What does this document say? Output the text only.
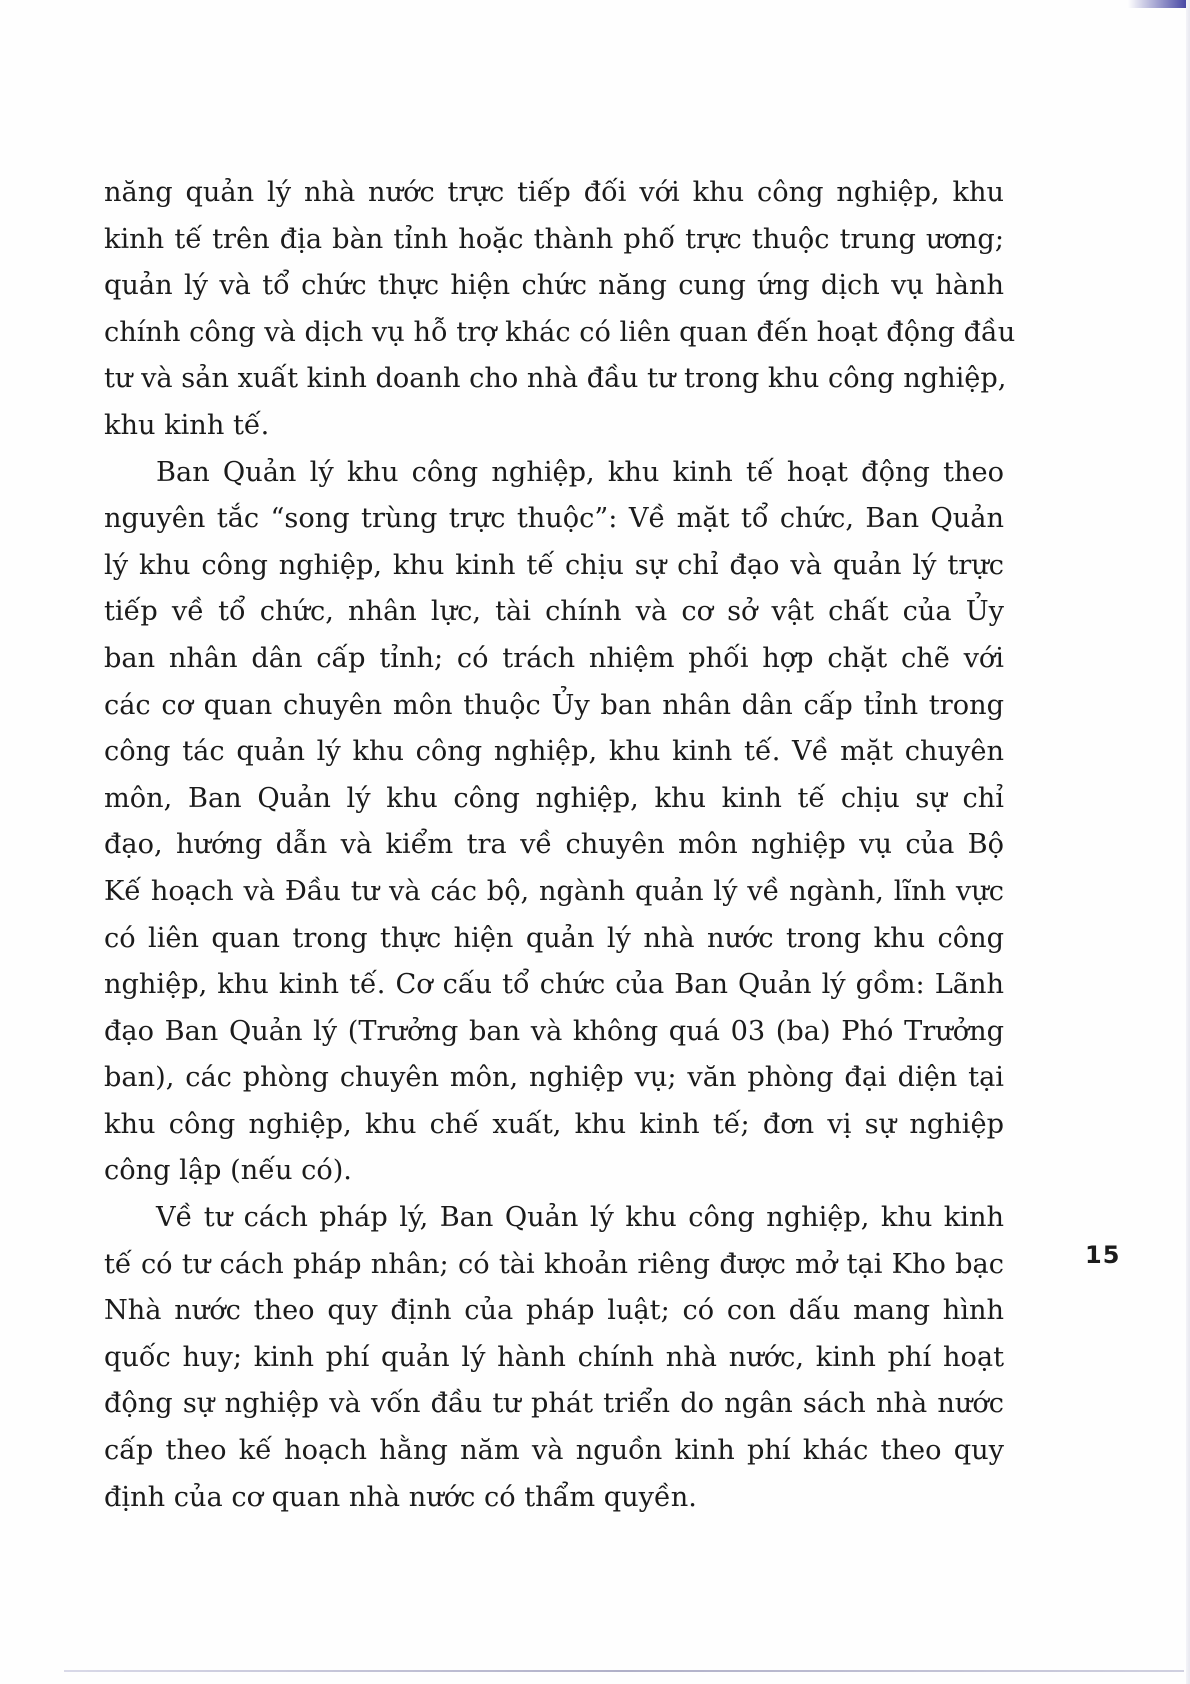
năng quản lý nhà nước trực tiếp đối với khu công nghiệp, khu
kinh tế trên địa bàn tỉnh hoặc thành phố trực thuộc trung ương;
quản lý và tổ chức thực hiện chức năng cung ứng dịch vụ hành
chính công và dịch vụ hỗ trợ khác có liên quan đến hoạt động đầu
tư và sản xuất kinh doanh cho nhà đầu tư trong khu công nghiệp,
khu kinh tế.

Ban Quản lý khu công nghiệp, khu kinh tế hoạt động theo
nguyên tắc “song trùng trực thuộc”: Về mặt tổ chức, Ban Quản
lý khu công nghiệp, khu kinh tế chịu sự chỉ đạo và quản lý trực
tiếp về tổ chức, nhân lực, tài chính và cơ sở vật chất của Ủy
ban nhân dân cấp tỉnh; có trách nhiệm phối hợp chặt chẽ với
các cơ quan chuyên môn thuộc Ủy ban nhân dân cấp tỉnh trong
công tác quản lý khu công nghiệp, khu kinh tế. Về mặt chuyên
môn, Ban Quản lý khu công nghiệp, khu kinh tế chịu sự chỉ
đạo, hướng dẫn và kiểm tra về chuyên môn nghiệp vụ của Bộ
Kế hoạch và Đầu tư và các bộ, ngành quản lý về ngành, lĩnh vực
có liên quan trong thực hiện quản lý nhà nước trong khu công
nghiệp, khu kinh tế. Cơ cấu tổ chức của Ban Quản lý gồm: Lãnh
đạo Ban Quản lý (Trưởng ban và không quá 03 (ba) Phó Trưởng
ban), các phòng chuyên môn, nghiệp vụ; văn phòng đại diện tại
khu công nghiệp, khu chế xuất, khu kinh tế; đơn vị sự nghiệp
công lập (nếu có).

Về tư cách pháp lý, Ban Quản lý khu công nghiệp, khu kinh
tế có tư cách pháp nhân; có tài khoản riêng được mở tại Kho bạc
Nhà nước theo quy định của pháp luật; có con dấu mang hình
quốc huy; kinh phí quản lý hành chính nhà nước, kinh phí hoạt
động sự nghiệp và vốn đầu tư phát triển do ngân sách nhà nước
cấp theo kế hoạch hằng năm và nguồn kinh phí khác theo quy
định của cơ quan nhà nước có thẩm quyền.

15
